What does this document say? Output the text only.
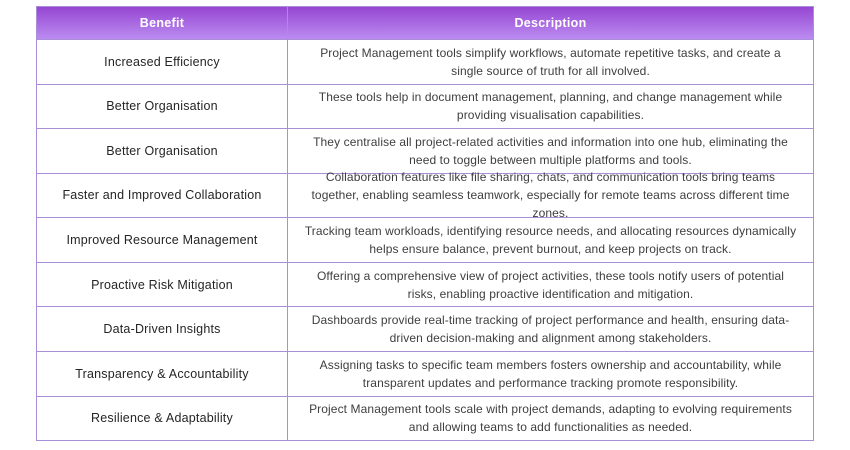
Benefit	Description
Increased Efficiency
Project Management tools simplify workflows, automate repetitive tasks, and create a single source of truth for all involved.
Better Organisation
These tools help in document management, planning, and change management while providing visualisation capabilities.
Better Organisation
They centralise all project-related activities and information into one hub, eliminating the need to toggle between multiple platforms and tools.
Faster and Improved Collaboration
Collaboration features like file sharing, chats, and communication tools bring teams together, enabling seamless teamwork, especially for remote teams across different time zones.
Improved Resource Management
Tracking team workloads, identifying resource needs, and allocating resources dynamically helps ensure balance, prevent burnout, and keep projects on track.
Proactive Risk Mitigation
Offering a comprehensive view of project activities, these tools notify users of potential risks, enabling proactive identification and mitigation.
Data-Driven Insights
Dashboards provide real-time tracking of project performance and health, ensuring data-driven decision-making and alignment among stakeholders.
Transparency & Accountability
Assigning tasks to specific team members fosters ownership and accountability, while transparent updates and performance tracking promote responsibility.
Resilience & Adaptability
Project Management tools scale with project demands, adapting to evolving requirements and allowing teams to add functionalities as needed.
